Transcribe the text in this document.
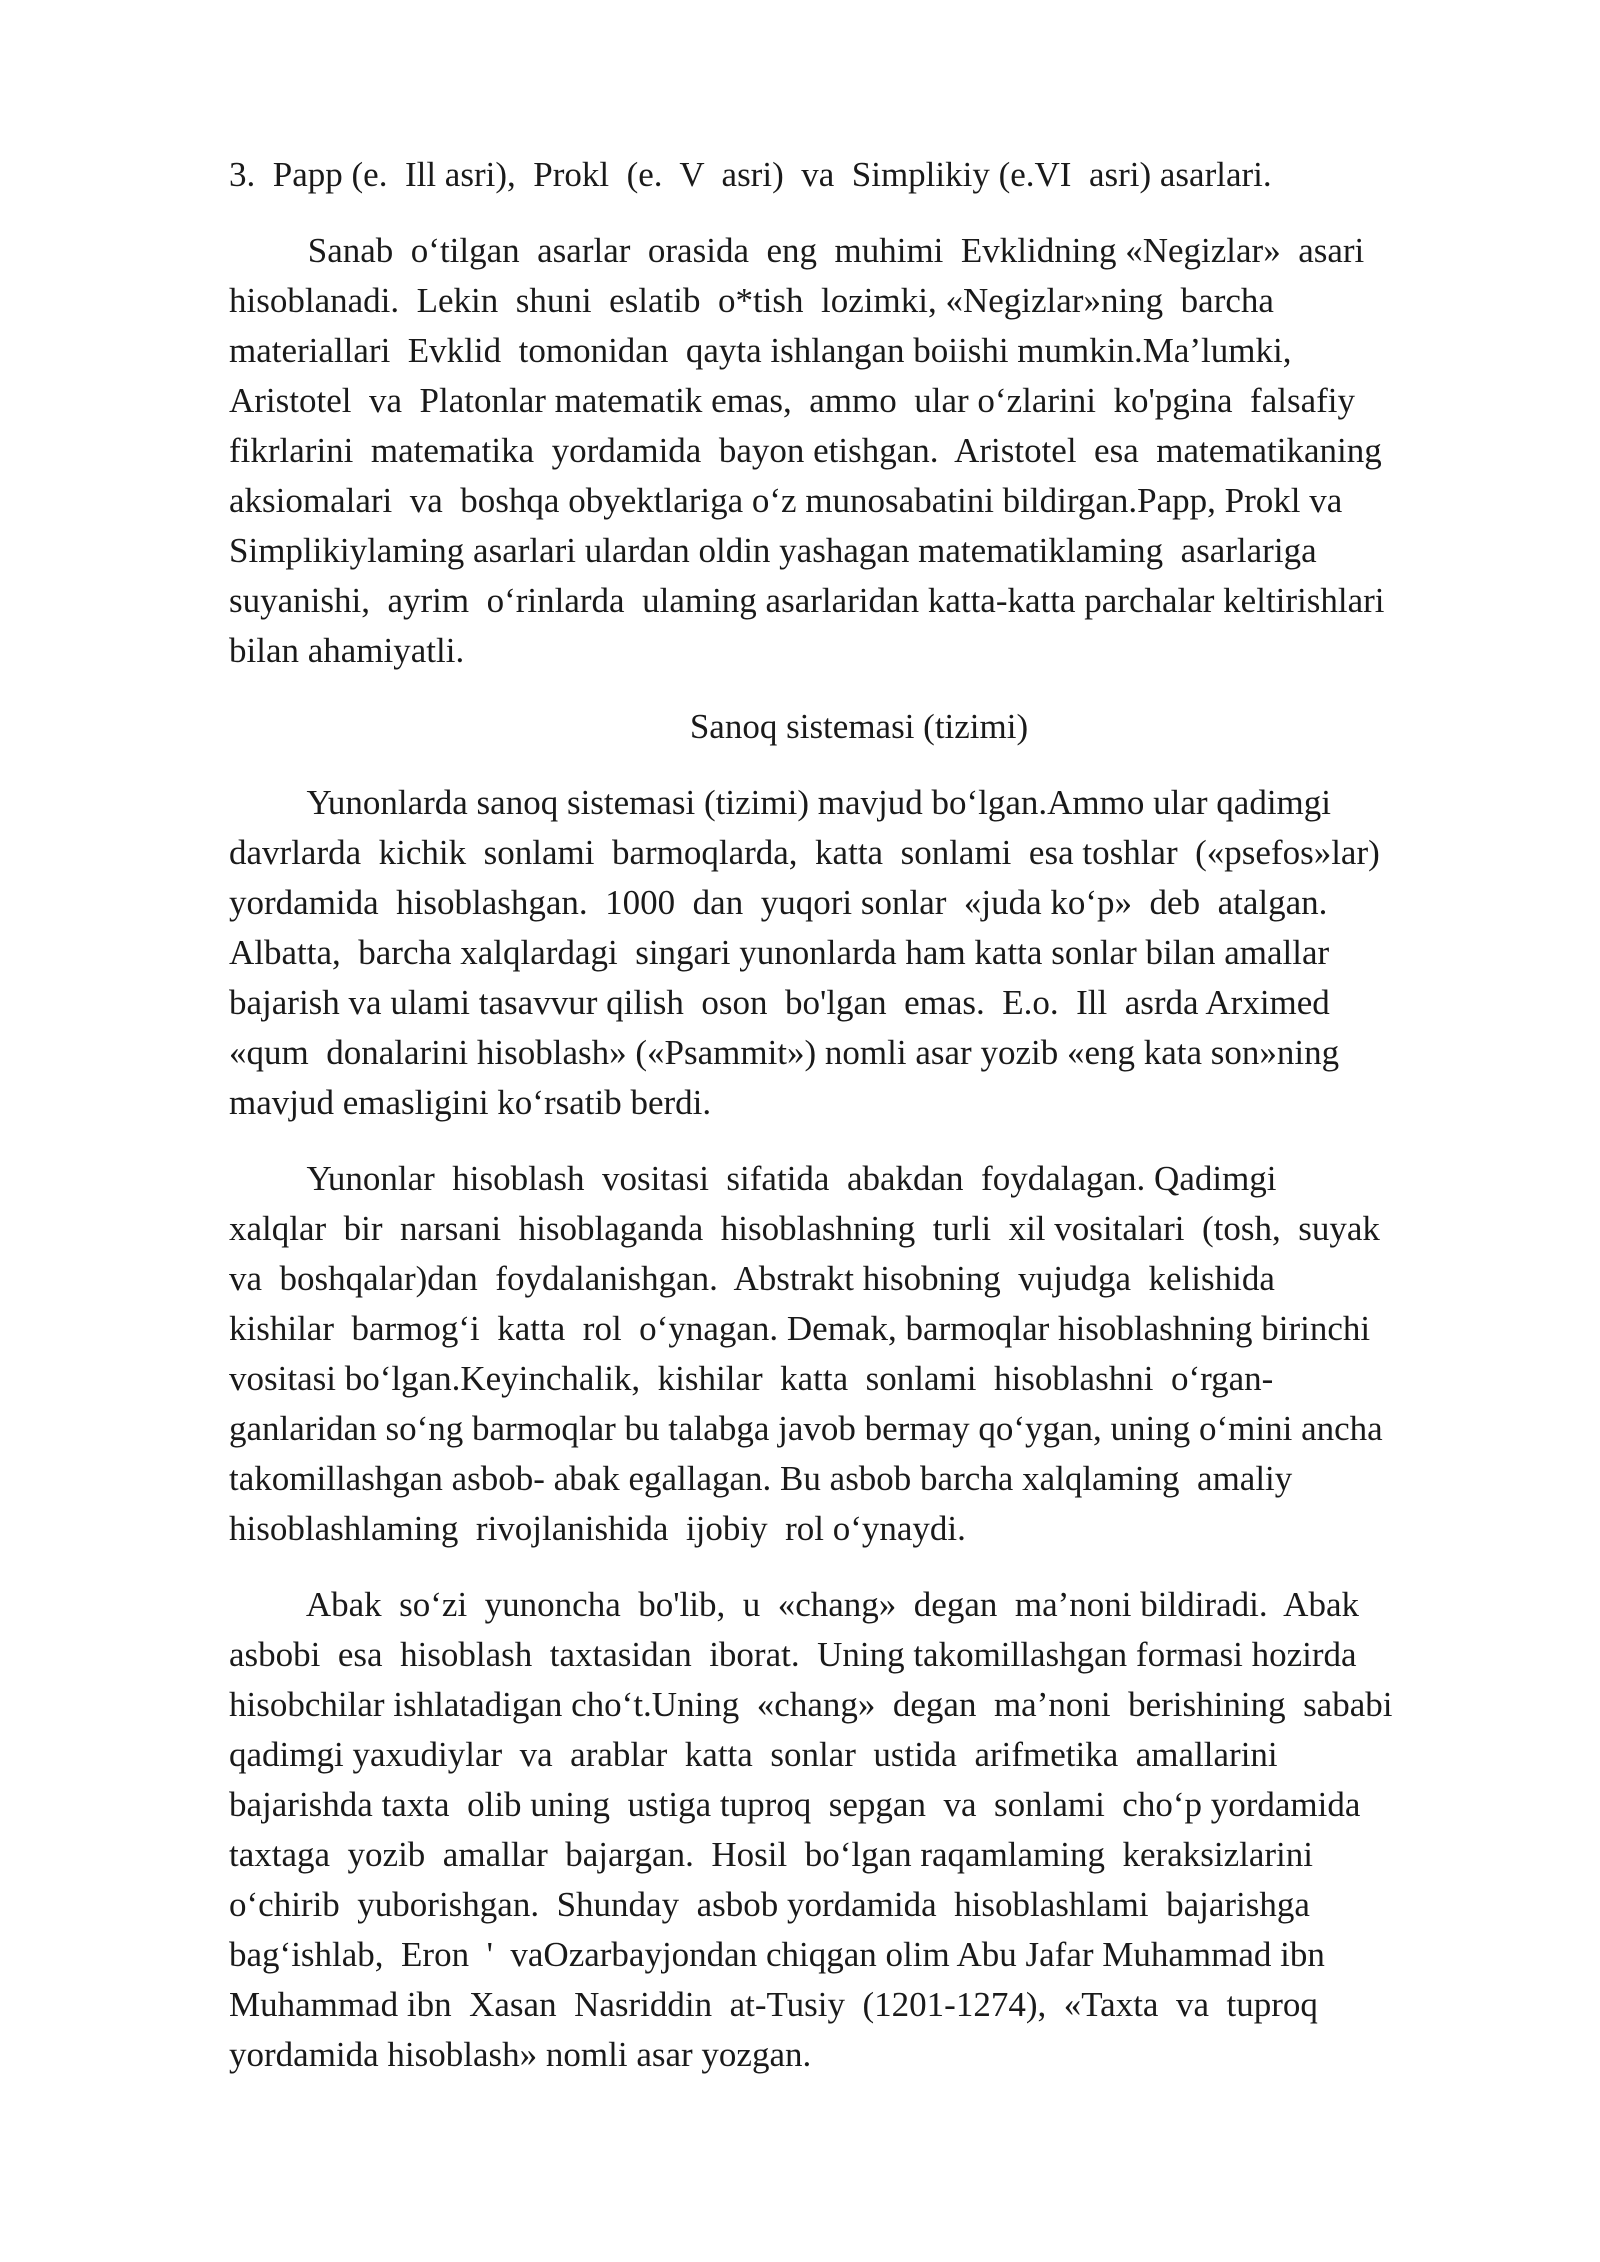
3.  Papp (e.  Ill asri),  Prokl  (e.  V  asri)  va  Simplikiy (e.VI  asri) asarlari.
Sanab  o‘tilgan  asarlar  orasida  eng  muhimi  Evklidning «Negizlar»  asari
hisoblanadi.  Lekin  shuni  eslatib  o*tish  lozimki, «Negizlar»ning  barcha
materiallari  Evklid  tomonidan  qayta ishlangan boiishi mumkin.Ma’lumki,
Aristotel  va  Platonlar matematik emas,  ammo  ular o‘zlarini  ko'pgina  falsafiy
fikrlarini  matematika  yordamida  bayon etishgan.  Aristotel  esa  matematikaning
aksiomalari  va  boshqa obyektlariga o‘z munosabatini bildirgan.Papp, Prokl va
Simplikiylaming asarlari ulardan oldin yashagan matematiklaming  asarlariga
suyanishi,  ayrim  o‘rinlarda  ulaming asarlaridan katta-katta parchalar keltirishlari
bilan ahamiyatli.
Sanoq sistemasi (tizimi)
Yunonlarda sanoq sistemasi (tizimi) mavjud bo‘lgan.Ammo ular qadimgi
davrlarda  kichik  sonlami  barmoqlarda,  katta  sonlami  esa toshlar  («psefos»lar)
yordamida  hisoblashgan.  1000  dan  yuqori sonlar  «juda ko‘p»  deb  atalgan.
Albatta,  barcha xalqlardagi  singari yunonlarda ham katta sonlar bilan amallar
bajarish va ulami tasavvur qilish  oson  bo'lgan  emas.  E.o.  Ill  asrda Arximed
«qum  donalarini hisoblash» («Psammit») nomli asar yozib «eng kata son»ning
mavjud emasligini ko‘rsatib berdi.
Yunonlar  hisoblash  vositasi  sifatida  abakdan  foydalagan. Qadimgi
xalqlar  bir  narsani  hisoblaganda  hisoblashning  turli  xil vositalari  (tosh,  suyak
va  boshqalar)dan  foydalanishgan.  Abstrakt hisobning  vujudga  kelishida
kishilar  barmog‘i  katta  rol  o‘ynagan. Demak, barmoqlar hisoblashning birinchi
vositasi bo‘lgan.Keyinchalik,  kishilar  katta  sonlami  hisoblashni  o‘rgan-
ganlaridan so‘ng barmoqlar bu talabga javob bermay qo‘ygan, uning o‘mini ancha
takomillashgan asbob- abak egallagan. Bu asbob barcha xalqlaming  amaliy
hisoblashlaming  rivojlanishida  ijobiy  rol o‘ynaydi.
Abak  so‘zi  yunoncha  bo'lib,  u  «chang»  degan  ma’noni bildiradi.  Abak
asbobi  esa  hisoblash  taxtasidan  iborat.  Uning takomillashgan formasi hozirda
hisobchilar ishlatadigan cho‘t.Uning  «chang»  degan  ma’noni  berishining  sababi
qadimgi yaxudiylar  va  arablar  katta  sonlar  ustida  arifmetika  amallarini
bajarishda taxta  olib uning  ustiga tuproq  sepgan  va  sonlami  cho‘p yordamida
taxtaga  yozib  amallar  bajargan.  Hosil  bo‘lgan raqamlaming  keraksizlarini
o‘chirib  yuborishgan.  Shunday  asbob yordamida  hisoblashlami  bajarishga
bag‘ishlab,  Eron  '  vaOzarbayjondan chiqgan olim Abu Jafar Muhammad ibn
Muhammad ibn  Xasan  Nasriddin  at-Tusiy  (1201-1274),  «Taxta  va  tuproq
yordamida hisoblash» nomli asar yozgan.
